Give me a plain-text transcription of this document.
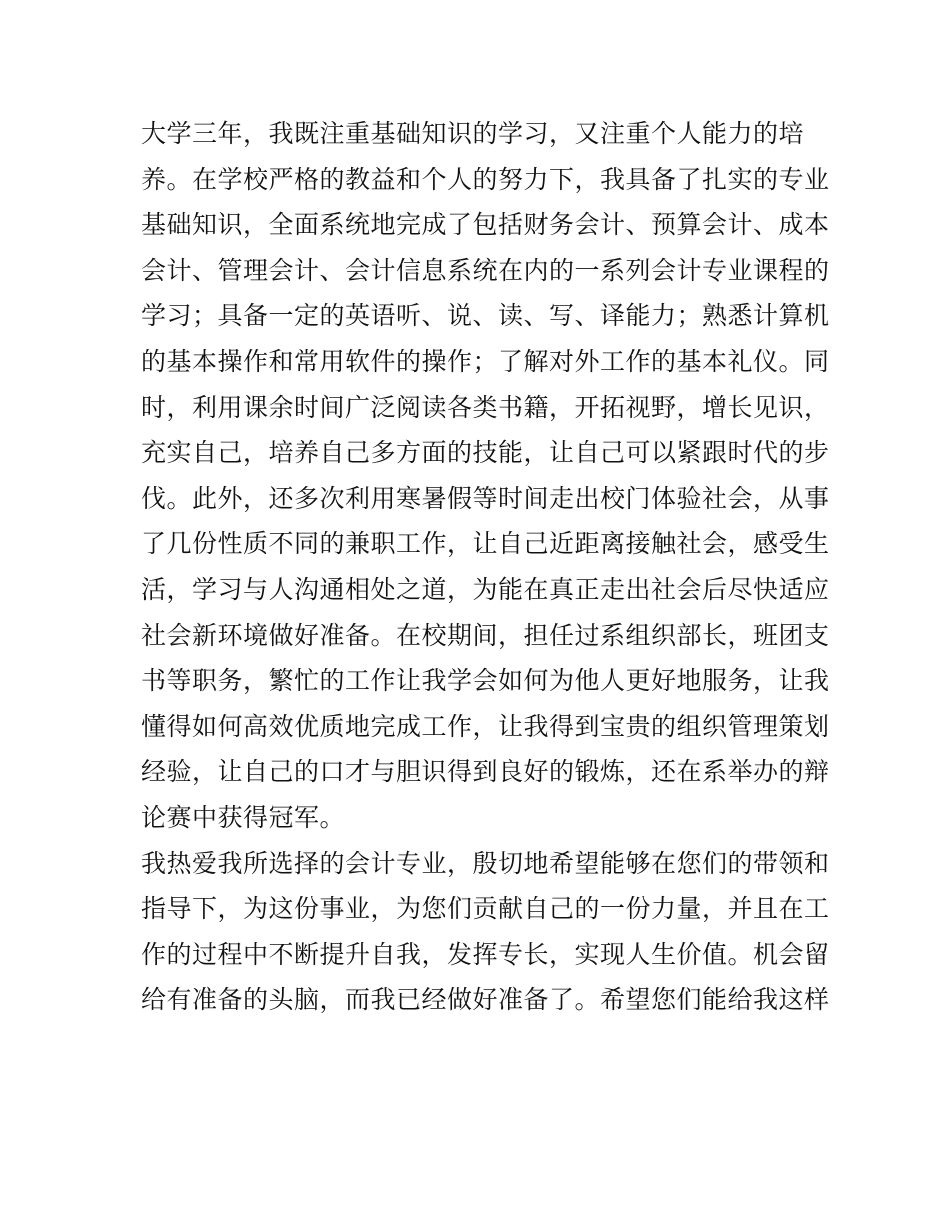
大学三年，我既注重基础知识的学习，又注重个人能力的培
养。在学校严格的教益和个人的努力下，我具备了扎实的专业
基础知识，全面系统地完成了包括财务会计、预算会计、成本
会计、管理会计、会计信息系统在内的一系列会计专业课程的
学习；具备一定的英语听、说、读、写、译能力；熟悉计算机
的基本操作和常用软件的操作；了解对外工作的基本礼仪。同
时，利用课余时间广泛阅读各类书籍，开拓视野，增长见识，
充实自己，培养自己多方面的技能，让自己可以紧跟时代的步
伐。此外，还多次利用寒暑假等时间走出校门体验社会，从事
了几份性质不同的兼职工作，让自己近距离接触社会，感受生
活，学习与人沟通相处之道，为能在真正走出社会后尽快适应
社会新环境做好准备。在校期间，担任过系组织部长，班团支
书等职务，繁忙的工作让我学会如何为他人更好地服务，让我
懂得如何高效优质地完成工作，让我得到宝贵的组织管理策划
经验，让自己的口才与胆识得到良好的锻炼，还在系举办的辩
论赛中获得冠军。
我热爱我所选择的会计专业，殷切地希望能够在您们的带领和
指导下，为这份事业，为您们贡献自己的一份力量，并且在工
作的过程中不断提升自我，发挥专长，实现人生价值。机会留
给有准备的头脑，而我已经做好准备了。希望您们能给我这样
